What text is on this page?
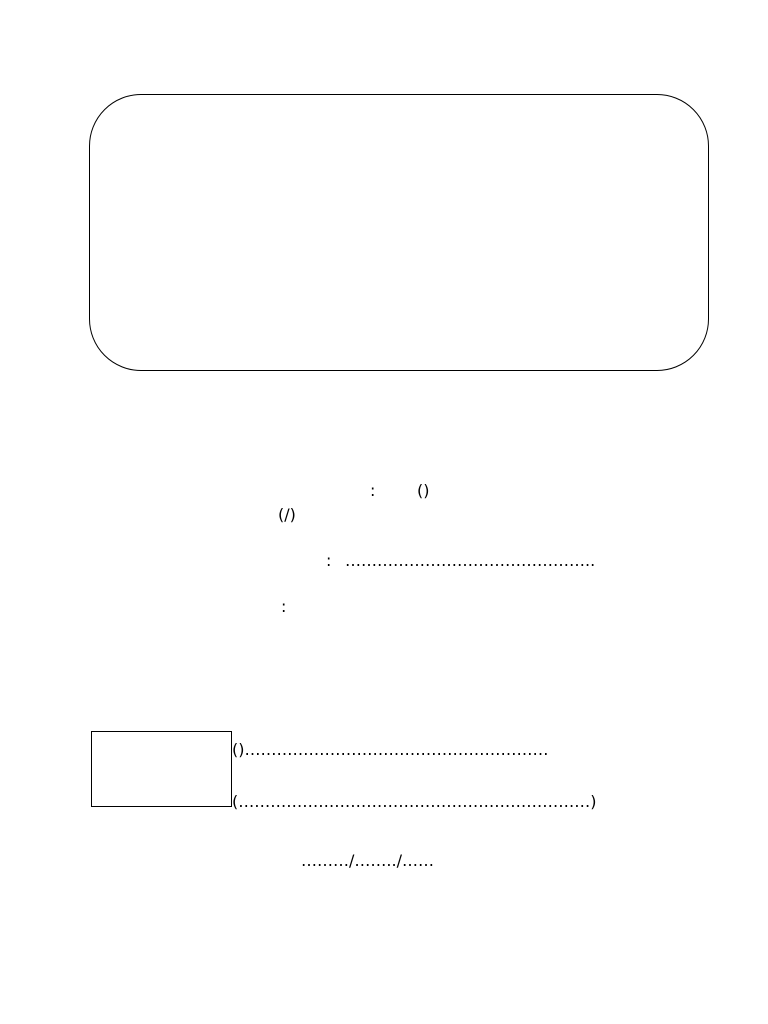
:	()
(/)
: ………………………………………..
:
()…………………………………………………
(…………………………………………………………)
………/……../……
